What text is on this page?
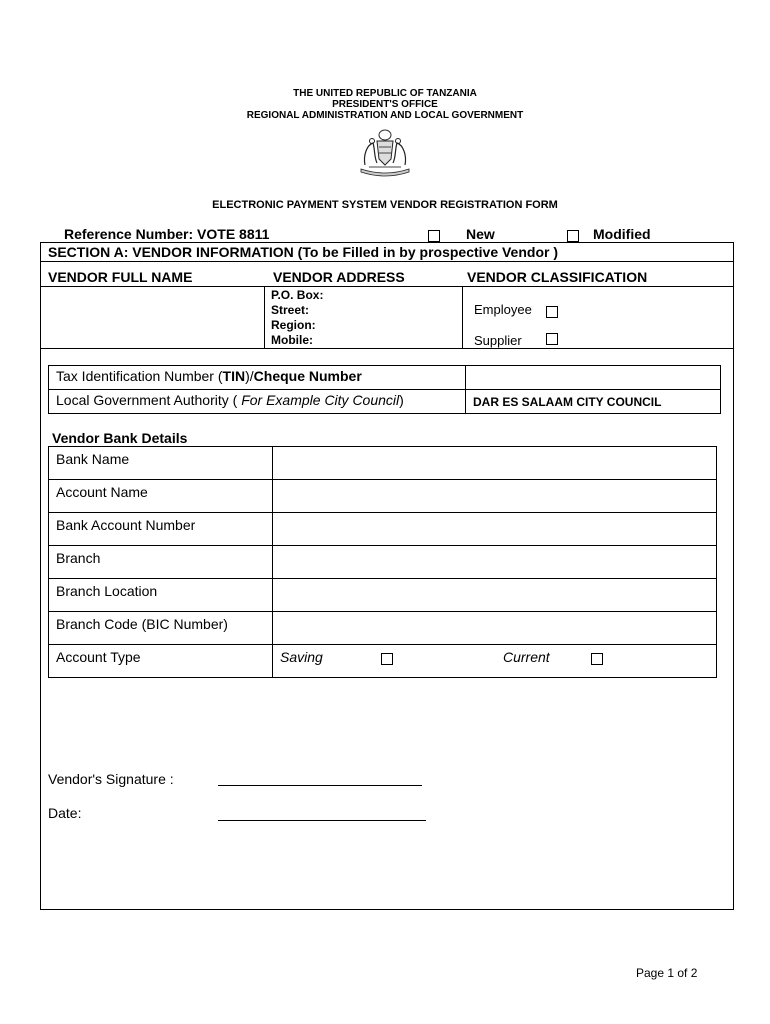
THE UNITED REPUBLIC OF TANZANIA
PRESIDENT'S OFFICE
REGIONAL ADMINISTRATION AND LOCAL GOVERNMENT
ELECTRONIC PAYMENT SYSTEM VENDOR REGISTRATION FORM
Reference Number: VOTE 8811	New	Modified
SECTION A: VENDOR INFORMATION (To be Filled in by prospective Vendor )
VENDOR FULL NAME	VENDOR ADDRESS	VENDOR CLASSIFICATION
P.O. Box:
Street:
Region:
Mobile:
Employee
Supplier
Tax Identification Number (TIN)/Cheque Number	
Local Government Authority ( For Example City Council)	DAR ES SALAAM CITY COUNCIL
Vendor Bank Details
Bank Name	
Account Name	
Bank Account Number	
Branch	
Branch Location	
Branch Code (BIC Number)	
Account Type	Saving Current
Vendor's Signature :
Date:
Page 1 of 2
